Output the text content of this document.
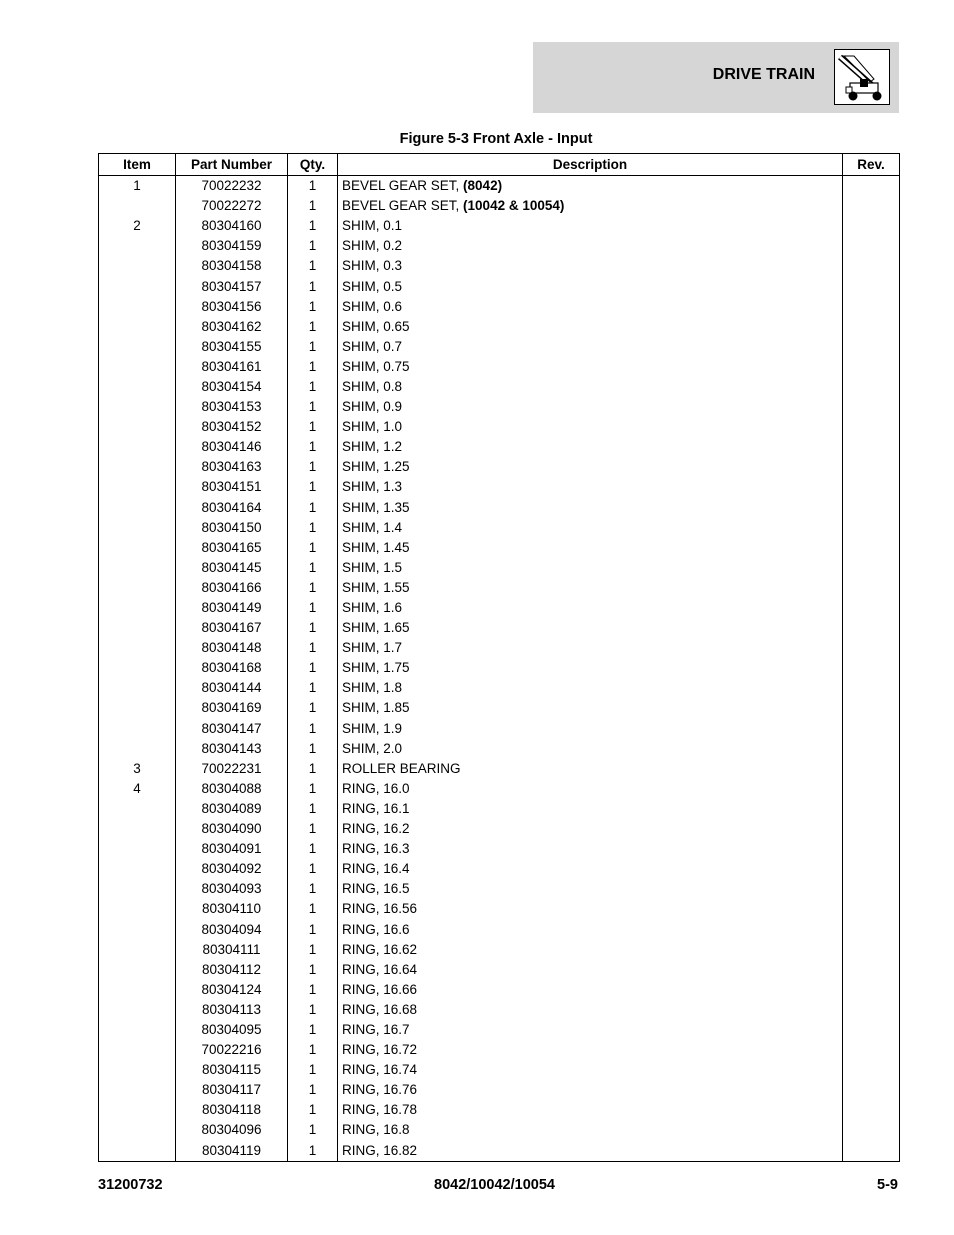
DRIVE TRAIN
Figure 5-3 Front Axle - Input
Item	Part Number	Qty.	Description	Rev.
1	70022232	1	BEVEL GEAR SET, (8042)	
	70022272	1	BEVEL GEAR SET, (10042 & 10054)	
2	80304160	1	SHIM, 0.1	
	80304159	1	SHIM, 0.2	
	80304158	1	SHIM, 0.3	
	80304157	1	SHIM, 0.5	
	80304156	1	SHIM, 0.6	
	80304162	1	SHIM, 0.65	
	80304155	1	SHIM, 0.7	
	80304161	1	SHIM, 0.75	
	80304154	1	SHIM, 0.8	
	80304153	1	SHIM, 0.9	
	80304152	1	SHIM, 1.0	
	80304146	1	SHIM, 1.2	
	80304163	1	SHIM, 1.25	
	80304151	1	SHIM, 1.3	
	80304164	1	SHIM, 1.35	
	80304150	1	SHIM, 1.4	
	80304165	1	SHIM, 1.45	
	80304145	1	SHIM, 1.5	
	80304166	1	SHIM, 1.55	
	80304149	1	SHIM, 1.6	
	80304167	1	SHIM, 1.65	
	80304148	1	SHIM, 1.7	
	80304168	1	SHIM, 1.75	
	80304144	1	SHIM, 1.8	
	80304169	1	SHIM, 1.85	
	80304147	1	SHIM, 1.9	
	80304143	1	SHIM, 2.0	
3	70022231	1	ROLLER BEARING	
4	80304088	1	RING, 16.0	
	80304089	1	RING, 16.1	
	80304090	1	RING, 16.2	
	80304091	1	RING, 16.3	
	80304092	1	RING, 16.4	
	80304093	1	RING, 16.5	
	80304110	1	RING, 16.56	
	80304094	1	RING, 16.6	
	80304111	1	RING, 16.62	
	80304112	1	RING, 16.64	
	80304124	1	RING, 16.66	
	80304113	1	RING, 16.68	
	80304095	1	RING, 16.7	
	70022216	1	RING, 16.72	
	80304115	1	RING, 16.74	
	80304117	1	RING, 16.76	
	80304118	1	RING, 16.78	
	80304096	1	RING, 16.8	
	80304119	1	RING, 16.82	
31200732	8042/10042/10054	5-9
